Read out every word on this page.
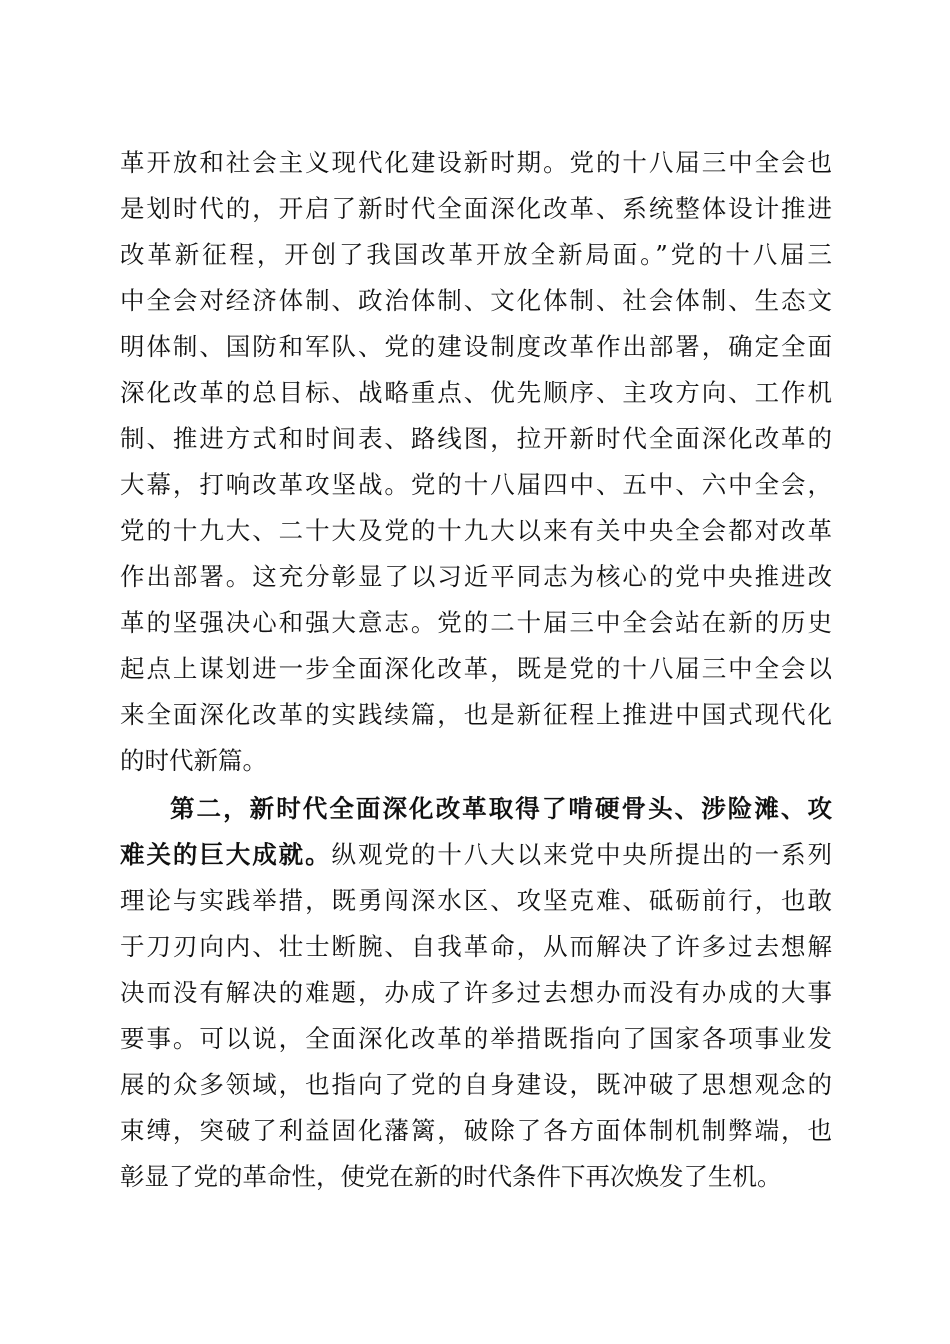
革开放和社会主义现代化建设新时期。党的十八届三中全会也
是划时代的，开启了新时代全面深化改革、系统整体设计推进
改革新征程，开创了我国改革开放全新局面。”党的十八届三
中全会对经济体制、政治体制、文化体制、社会体制、生态文
明体制、国防和军队、党的建设制度改革作出部署，确定全面
深化改革的总目标、战略重点、优先顺序、主攻方向、工作机
制、推进方式和时间表、路线图，拉开新时代全面深化改革的
大幕，打响改革攻坚战。党的十八届四中、五中、六中全会，
党的十九大、二十大及党的十九大以来有关中央全会都对改革
作出部署。这充分彰显了以习近平同志为核心的党中央推进改
革的坚强决心和强大意志。党的二十届三中全会站在新的历史
起点上谋划进一步全面深化改革，既是党的十八届三中全会以
来全面深化改革的实践续篇，也是新征程上推进中国式现代化
的时代新篇。
第二，新时代全面深化改革取得了啃硬骨头、涉险滩、攻
难关的巨大成就。纵观党的十八大以来党中央所提出的一系列
理论与实践举措，既勇闯深水区、攻坚克难、砥砺前行，也敢
于刀刃向内、壮士断腕、自我革命，从而解决了许多过去想解
决而没有解决的难题，办成了许多过去想办而没有办成的大事
要事。可以说，全面深化改革的举措既指向了国家各项事业发
展的众多领域，也指向了党的自身建设，既冲破了思想观念的
束缚，突破了利益固化藩篱，破除了各方面体制机制弊端，也
彰显了党的革命性，使党在新的时代条件下再次焕发了生机。
